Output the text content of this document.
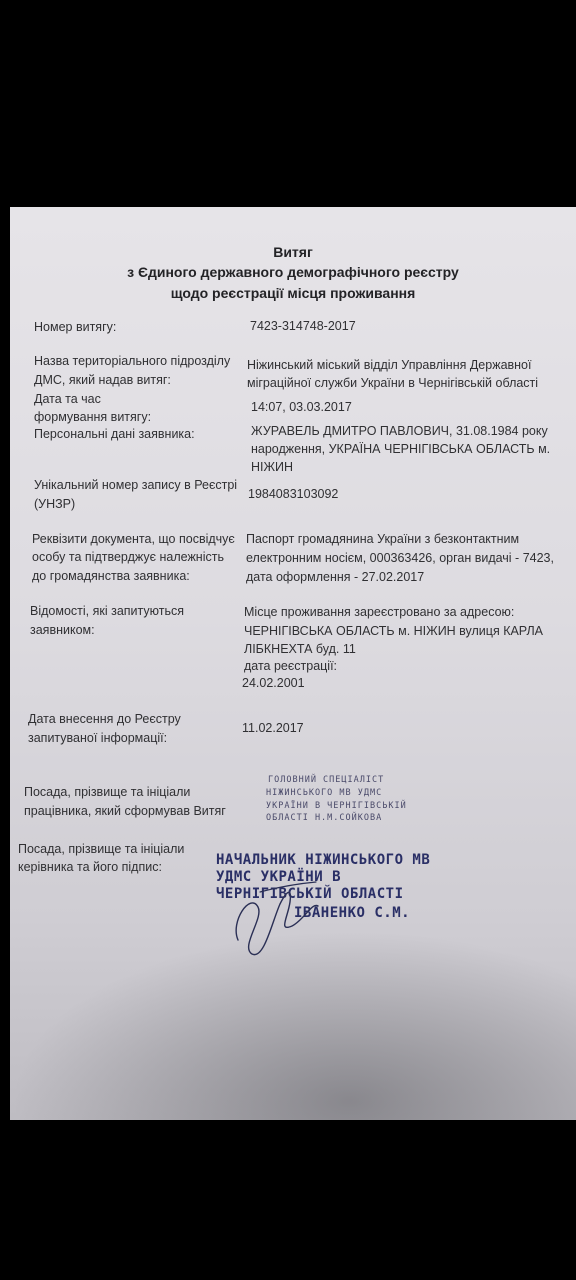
Витяг
з Єдиного державного демографічного реєстру
щодо реєстрації місця проживання
Номер витягу:	7423-314748-2017
Назва територіального підрозділу
ДМС, який надав витяг:
Ніжинський міський відділ Управління Державної
міграційної служби України в Чернігівській області
Дата та час
формування витягу:
14:07, 03.03.2017
Персональні дані заявника:	ЖУРАВЕЛЬ ДМИТРО ПАВЛОВИЧ, 31.08.1984 року
народження, УКРАЇНА ЧЕРНІГІВСЬКА ОБЛАСТЬ м.
НІЖИН
Унікальний номер запису в Реєстрі
(УНЗР)
1984083103092
Реквізити документа, що посвідчує
особу та підтверджує належність
до громадянства заявника:
Паспорт громадянина України з безконтактним
електронним носієм, 000363426, орган видачі - 7423,
дата оформлення - 27.02.2017
Відомості, які запитуються
заявником:
Місце проживання зареєстровано за адресою:
ЧЕРНІГІВСЬКА ОБЛАСТЬ м. НІЖИН вулиця КАРЛА
ЛІБКНЕХТА буд. 11
дата реєстрації:
24.02.2001
Дата внесення до Реєстру
запитуваної інформації:
11.02.2017
Посада, прізвище та ініціали
працівника, який сформував Витяг
ГОЛОВНИЙ СПЕЦІАЛІСТ
НІЖИНСЬКОГО МВ УДМС
УКРАЇНИ В ЧЕРНІГІВСЬКІЙ
ОБЛАСТІ Н.М.СОЙКОВА
Посада, прізвище та ініціали
керівника та його підпис:	НАЧАЛЬНИК НІЖИНСЬКОГО МВ
УДМС УКРАЇНИ В
ЧЕРНІГІВСЬКІЙ ОБЛАСТІ
ІВАНЕНКО С.М.
